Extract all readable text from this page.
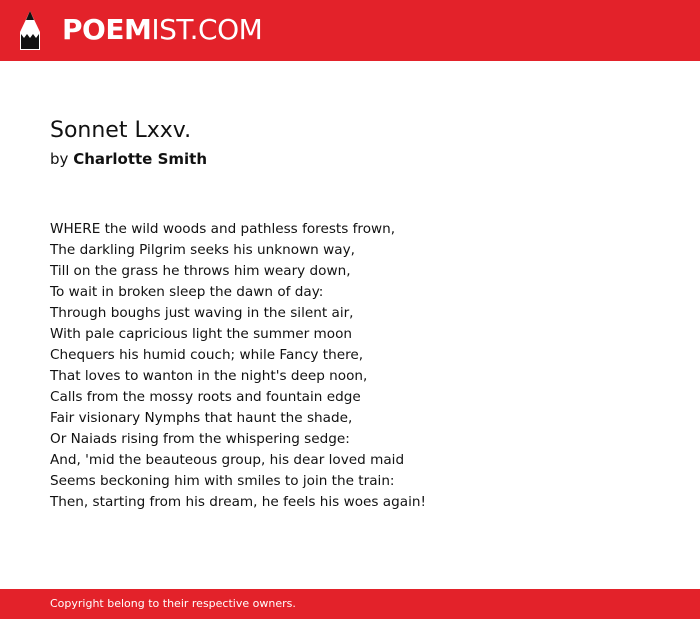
POEMIST.COM
Sonnet Lxxv.
by Charlotte Smith
WHERE the wild woods and pathless forests frown,
The darkling Pilgrim seeks his unknown way,
Till on the grass he throws him weary down,
To wait in broken sleep the dawn of day:
Through boughs just waving in the silent air,
With pale capricious light the summer moon
Chequers his humid couch; while Fancy there,
That loves to wanton in the night's deep noon,
Calls from the mossy roots and fountain edge
Fair visionary Nymphs that haunt the shade,
Or Naiads rising from the whispering sedge:
And, 'mid the beauteous group, his dear loved maid
Seems beckoning him with smiles to join the train:
Then, starting from his dream, he feels his woes again!
Copyright belong to their respective owners.
